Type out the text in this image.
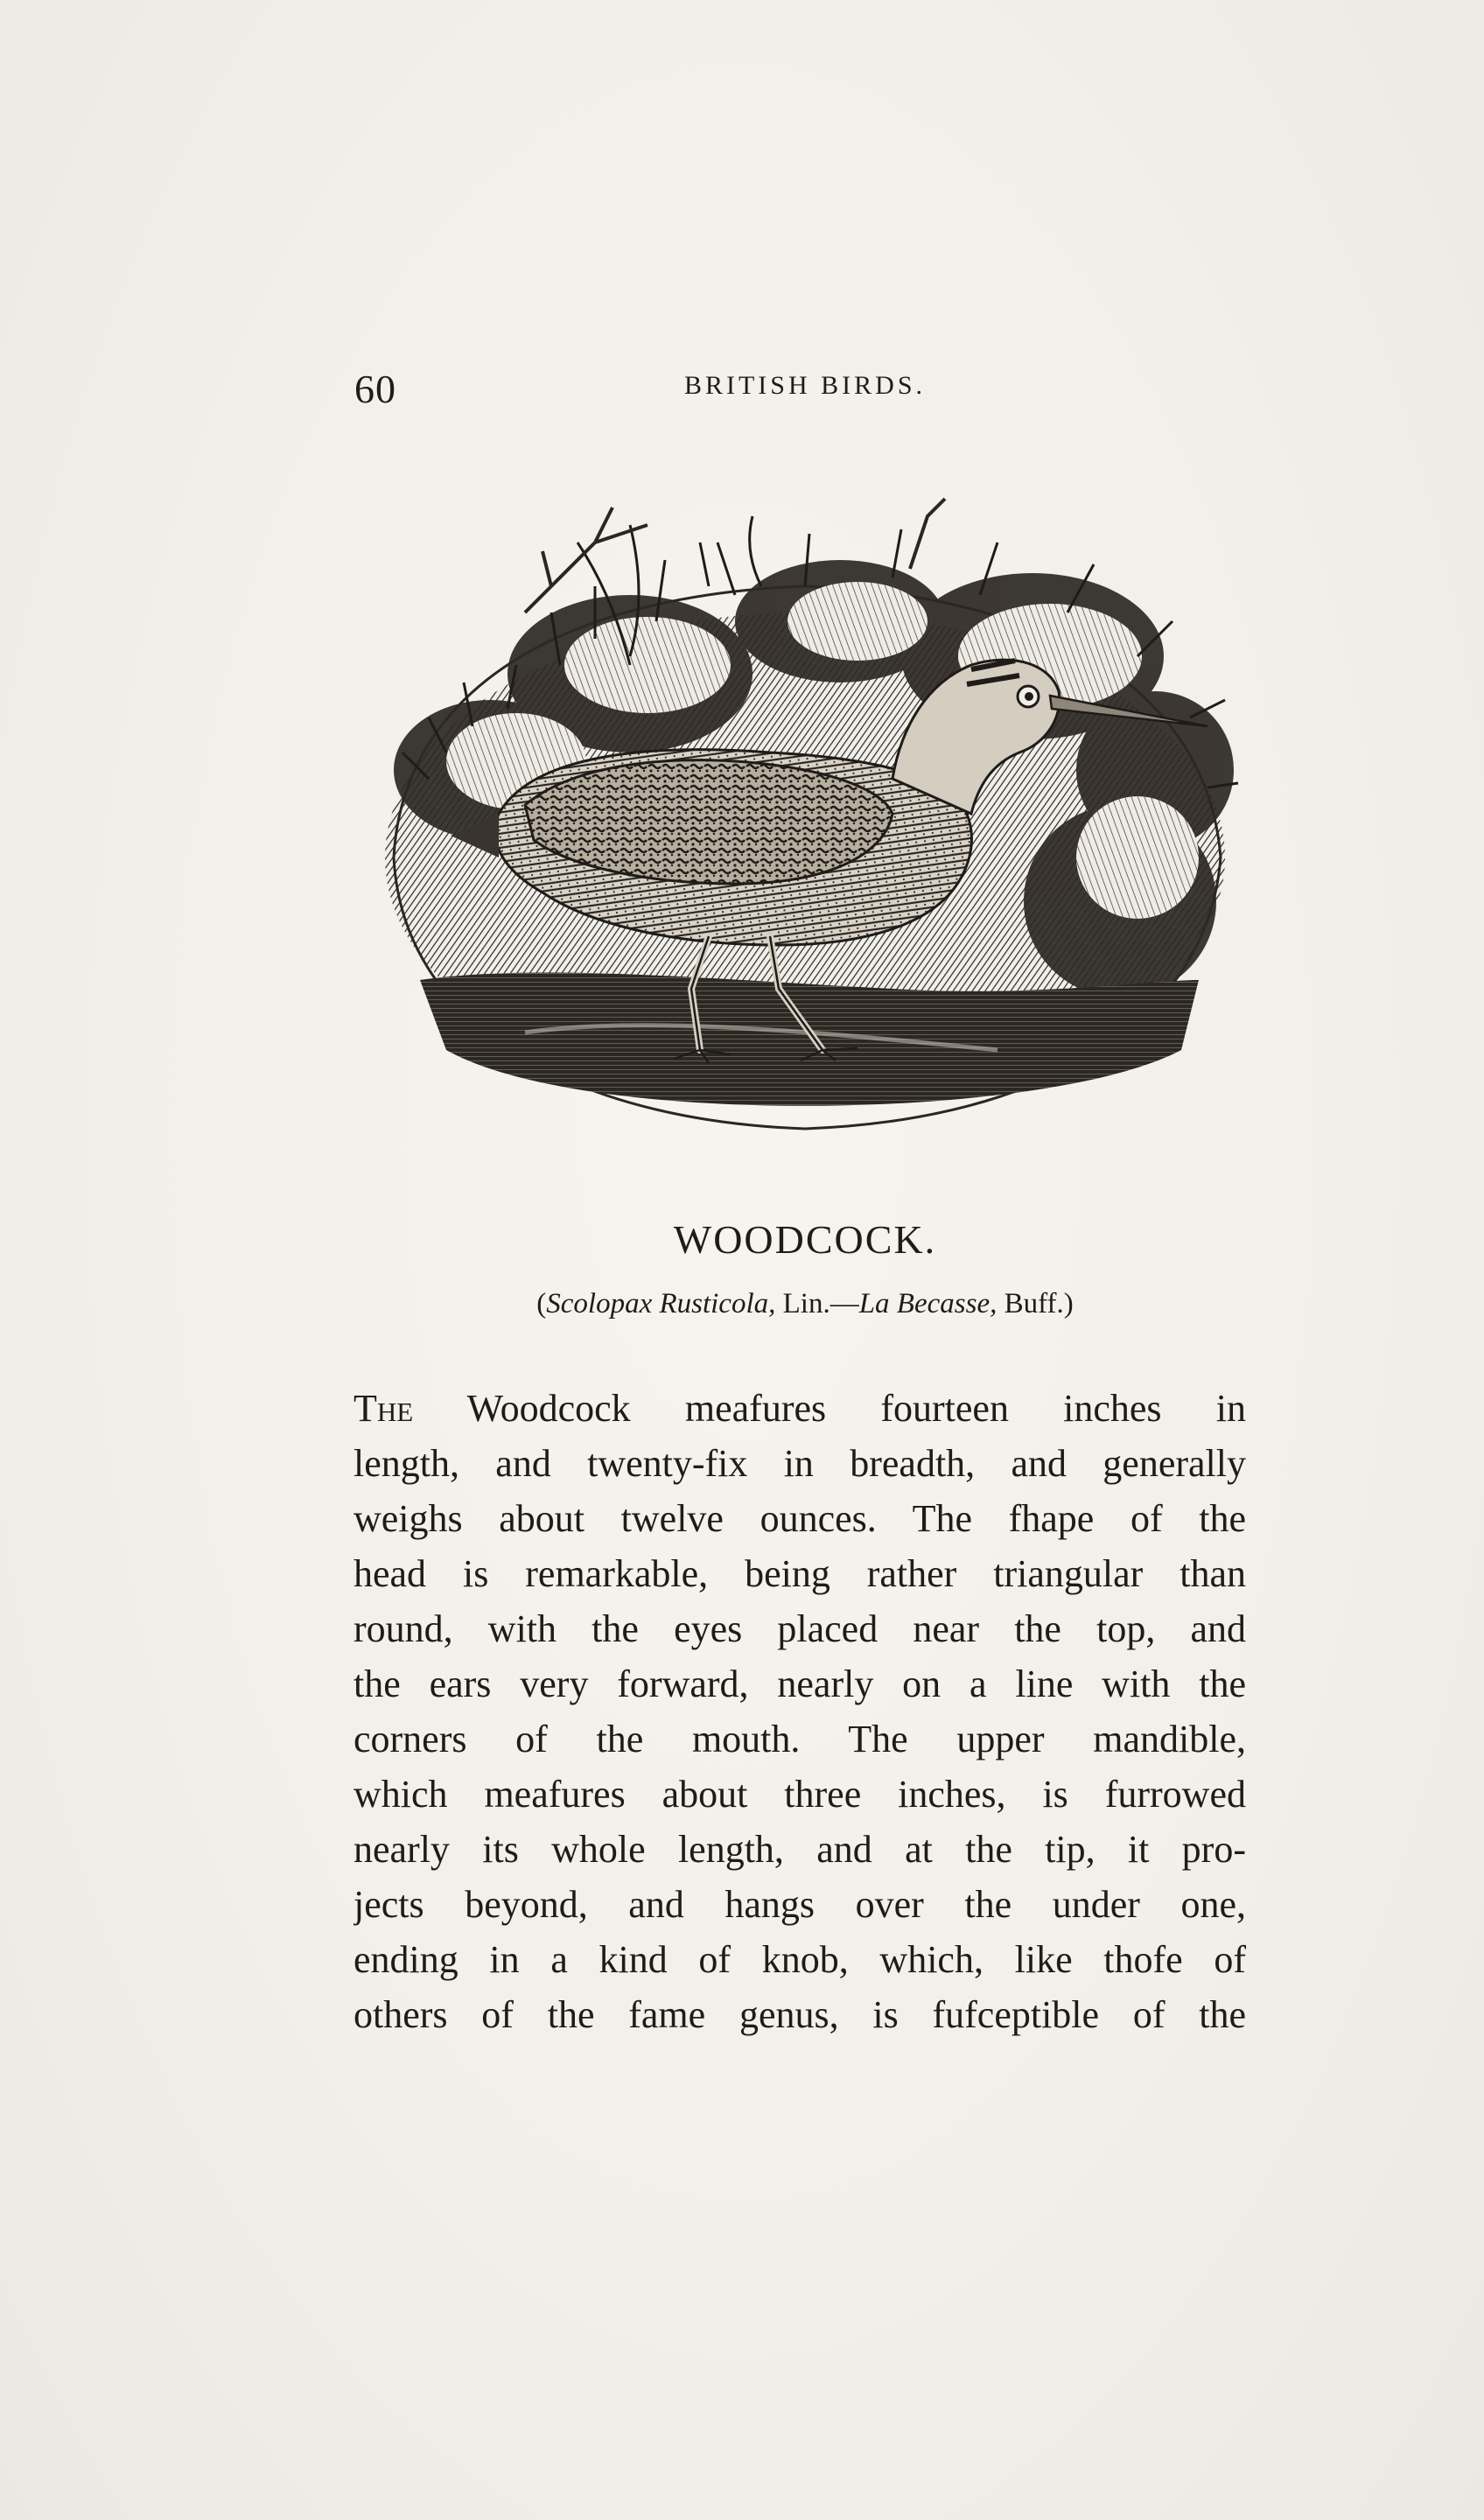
60	BRITISH BIRDS.
WOODCOCK.
(Scolopax Rusticola, Lin.—La Becasse, Buff.)
The Woodcock meafures fourteen inches in
length, and twenty-fix in breadth, and generally
weighs about twelve ounces. The fhape of the
head is remarkable, being rather triangular than
round, with the eyes placed near the top, and
the ears very forward, nearly on a line with the
corners of the mouth. The upper mandible,
which meafures about three inches, is furrowed
nearly its whole length, and at the tip, it pro-
jects beyond, and hangs over the under one,
ending in a kind of knob, which, like thofe of
others of the fame genus, is fufceptible of the
